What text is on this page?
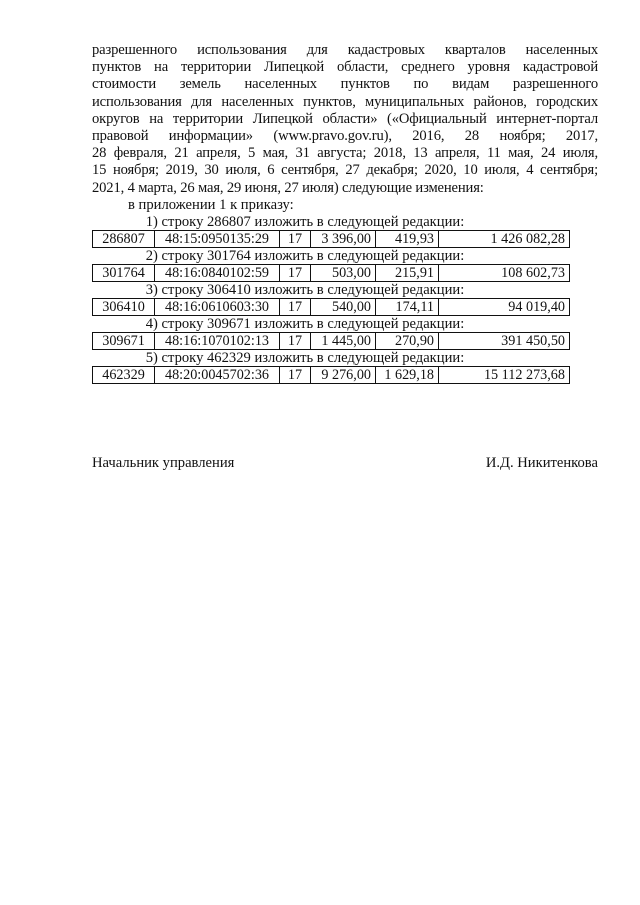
разрешенного использования для кадастровых кварталов населенных
пунктов на территории Липецкой области, среднего уровня кадастровой
стоимости земель населенных пунктов по видам разрешенного
использования для населенных пунктов, муниципальных районов, городских
округов на территории Липецкой области» («Официальный интернет-портал
правовой информации» (www.pravo.gov.ru), 2016, 28 ноября; 2017,
28 февраля, 21 апреля, 5 мая, 31 августа; 2018, 13 апреля, 11 мая, 24 июля,
15 ноября; 2019, 30 июля, 6 сентября, 27 декабря; 2020, 10 июля, 4 сентября;
2021, 4 марта, 26 мая, 29 июня, 27 июля) следующие изменения:

в приложении 1 к приказу:

1) строку 286807 изложить в следующей редакции:

286807	48:15:0950135:29	17	3 396,00	419,93	1 426 082,28

2) строку 301764 изложить в следующей редакции:

301764	48:16:0840102:59	17	503,00	215,91	108 602,73

3) строку 306410 изложить в следующей редакции:

306410	48:16:0610603:30	17	540,00	174,11	94 019,40

4) строку 309671 изложить в следующей редакции:

309671	48:16:1070102:13	17	1 445,00	270,90	391 450,50

5) строку 462329 изложить в следующей редакции:

462329	48:20:0045702:36	17	9 276,00	1 629,18	15 112 273,68
Начальник управления	И.Д. Никитенкова
